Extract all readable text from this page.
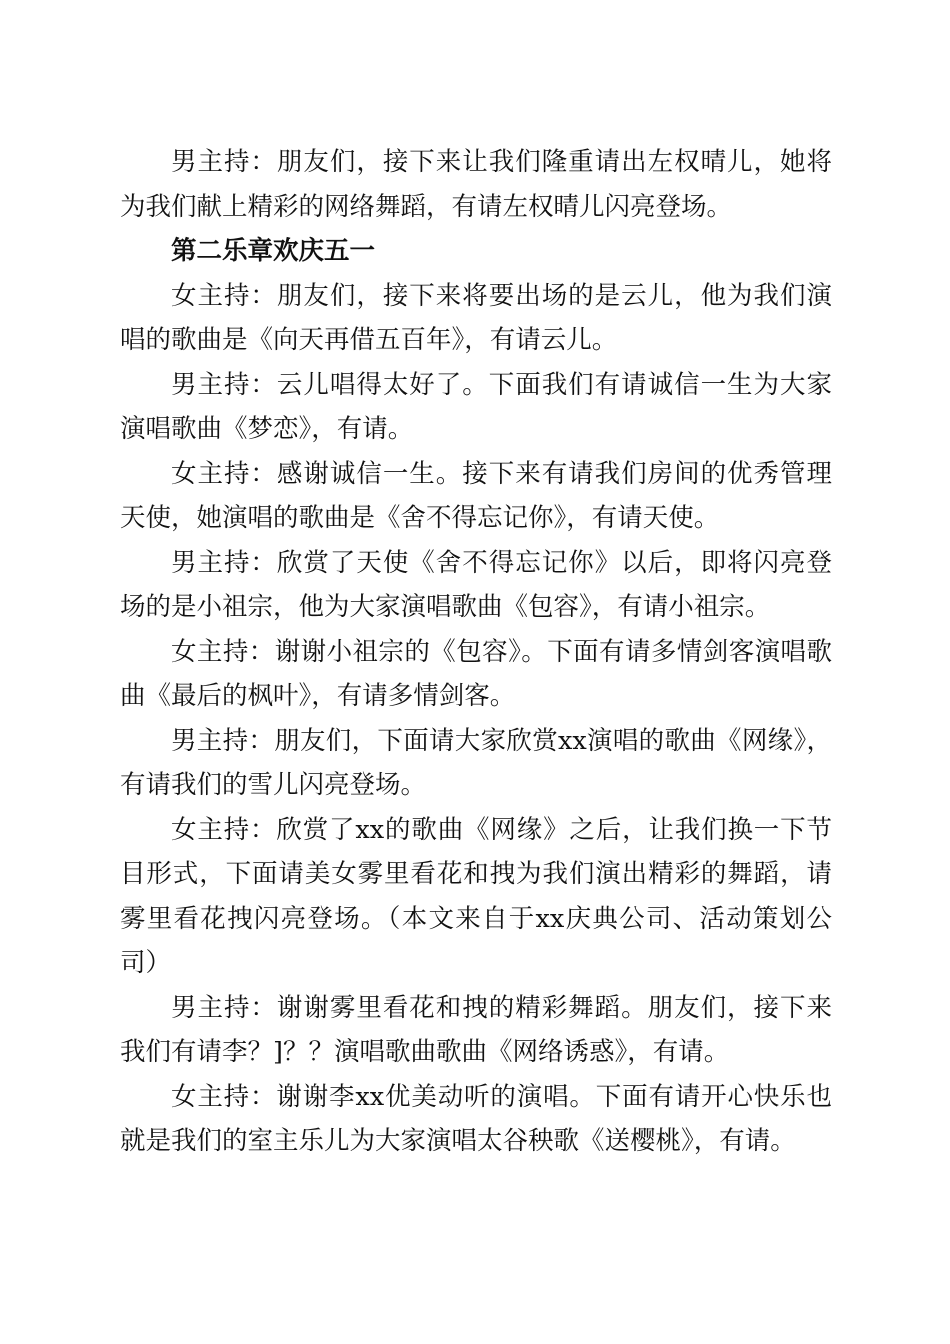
男主持：朋友们，接下来让我们隆重请出左权晴儿，她将为我们献上精彩的网络舞蹈，有请左权晴儿闪亮登场。

第二乐章欢庆五一

女主持：朋友们，接下来将要出场的是云儿，他为我们演唱的歌曲是《向天再借五百年》，有请云儿。

男主持：云儿唱得太好了。下面我们有请诚信一生为大家演唱歌曲《梦恋》，有请。

女主持：感谢诚信一生。接下来有请我们房间的优秀管理天使，她演唱的歌曲是《舍不得忘记你》，有请天使。

男主持：欣赏了天使《舍不得忘记你》以后，即将闪亮登场的是小祖宗，他为大家演唱歌曲《包容》，有请小祖宗。

女主持：谢谢小祖宗的《包容》。下面有请多情剑客演唱歌曲《最后的枫叶》，有请多情剑客。

男主持：朋友们，下面请大家欣赏xx演唱的歌曲《网缘》，有请我们的雪儿闪亮登场。

女主持：欣赏了xx的歌曲《网缘》之后，让我们换一下节目形式，下面请美女雾里看花和拽为我们演出精彩的舞蹈，请雾里看花拽闪亮登场。（本文来自于xx庆典公司、活动策划公司）

男主持：谢谢雾里看花和拽的精彩舞蹈。朋友们，接下来我们有请李？]？？演唱歌曲歌曲《网络诱惑》，有请。

女主持：谢谢李xx优美动听的演唱。下面有请开心快乐也就是我们的室主乐儿为大家演唱太谷秧歌《送樱桃》，有请。
